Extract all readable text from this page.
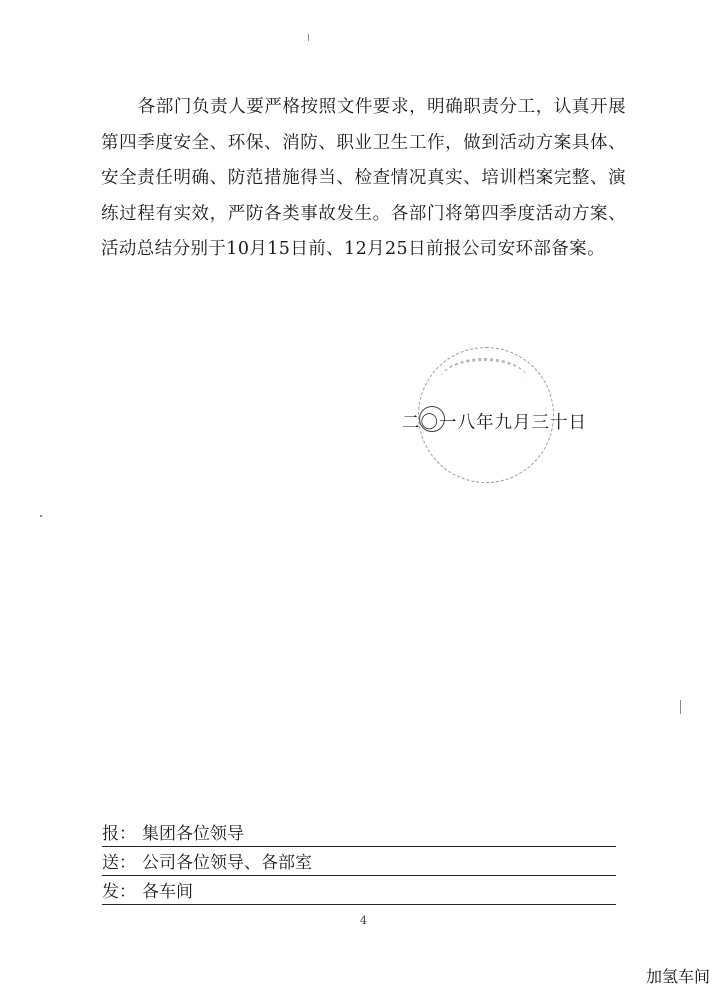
各部门负责人要严格按照文件要求，明确职责分工，认真开展第四季度安全、环保、消防、职业卫生工作，做到活动方案具体、安全责任明确、防范措施得当、检查情况真实、培训档案完整、演练过程有实效，严防各类事故发生。各部门将第四季度活动方案、活动总结分别于10月15日前、12月25日前报公司安环部备案。

二〇一八年九月三十日
报： 集团各位领导
送： 公司各位领导、各部室
发： 各车间
4
加氢车间
